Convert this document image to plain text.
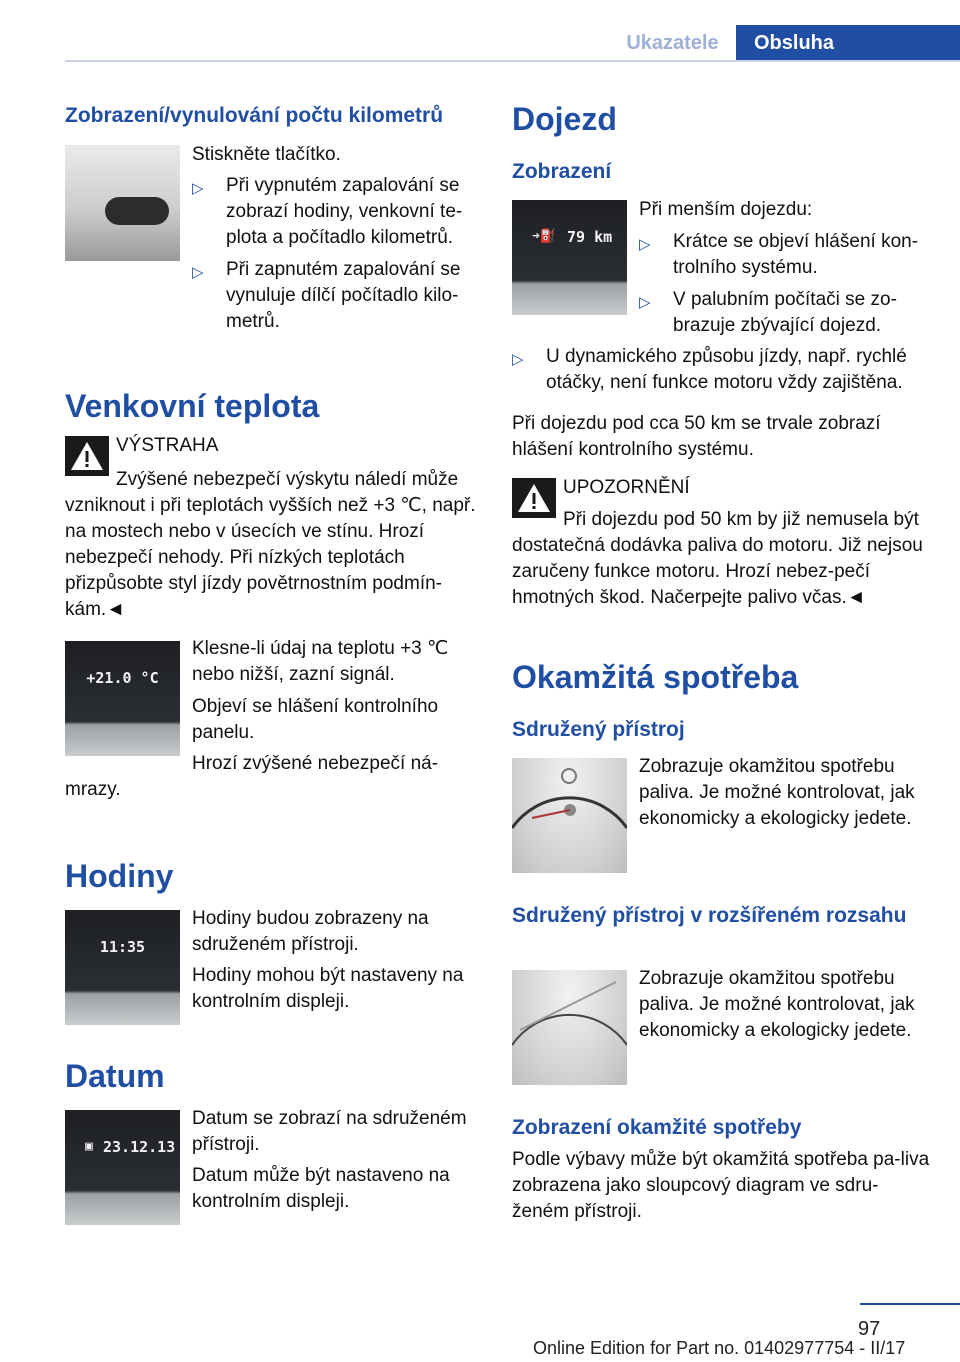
Ukazatele	Obsluha
Zobrazení/vynulování počtu kilometrů
Stiskněte tlačítko.
▷ Při vypnutém zapalování se zobrazí hodiny, venkovní te‐plota a počítadlo kilometrů.
▷ Při zapnutém zapalování se vynuluje dílčí počítadlo kilo‐metrů.
Venkovní teplota
VÝSTRAHA
Zvýšené nebezpečí výskytu náledí může vzniknout i při teplotách vyšších než +3 ℃, např. na mostech nebo v úsecích ve stínu. Hrozí nebezpečí nehody. Při nízkých teplotách přizpůsobte styl jízdy povětrnostním podmín‐kám.◄
+21.0 °C
Klesne-li údaj na teplotu +3 ℃ nebo nižší, zazní signál.
Objeví se hlášení kontrolního panelu.
Hrozí zvýšené nebezpečí ná‐mrazy.
Hodiny
11:35
Hodiny budou zobrazeny na sdruženém přístroji.
Hodiny mohou být nastaveny na kontrolním displeji.
Datum
▣ 23.12.13
Datum se zobrazí na sdruženém přístroji.
Datum může být nastaveno na kontrolním displeji.
Dojezd
Zobrazení
➜⛽ 79 km
Při menším dojezdu:
▷ Krátce se objeví hlášení kon‐trolního systému.
▷ V palubním počítači se zo‐brazuje zbývající dojezd.
▷ U dynamického způsobu jízdy, např. rychlé otáčky, není funkce motoru vždy zajištěna.
Při dojezdu pod cca 50 km se trvale zobrazí hlášení kontrolního systému.
UPOZORNĚNÍ
Při dojezdu pod 50 km by již nemusela být dostatečná dodávka paliva do motoru. Již nejsou zaručeny funkce motoru. Hrozí nebez‐pečí hmotných škod. Načerpejte palivo včas.◄
Okamžitá spotřeba
Sdružený přístroj
Zobrazuje okamžitou spotřebu paliva. Je možné kontrolovat, jak ekonomicky a ekologicky jedete.
Sdružený přístroj v rozšířeném rozsahu
Zobrazuje okamžitou spotřebu paliva. Je možné kontrolovat, jak ekonomicky a ekologicky jedete.
Zobrazení okamžité spotřeby
Podle výbavy může být okamžitá spotřeba pa‐liva zobrazena jako sloupcový diagram ve sdru‐ženém přístroji.
97
Online Edition for Part no. 01402977754 - II/17
